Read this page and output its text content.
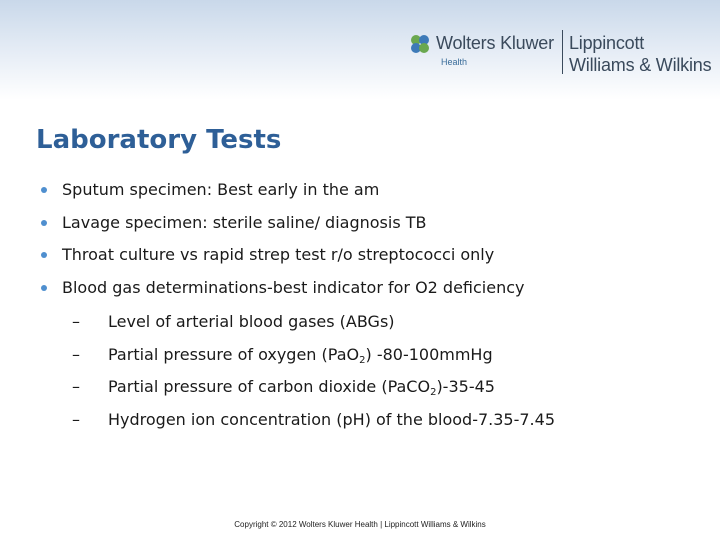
Wolters Kluwer
Health
Lippincott
Williams & Wilkins
Laboratory Tests
Sputum specimen: Best early in the am
Lavage specimen: sterile saline/ diagnosis TB
Throat culture vs rapid strep test r/o streptococci only
Blood gas determinations-best indicator for O2 deficiency
– Level of arterial blood gases (ABGs)
– Partial pressure of oxygen (PaO$_2$) -80-100mmHg
– Partial pressure of carbon dioxide (PaCO$_2$)-35-45
– Hydrogen ion concentration (pH) of the blood-7.35-7.45
Copyright © 2012 Wolters Kluwer Health | Lippincott Williams & Wilkins
